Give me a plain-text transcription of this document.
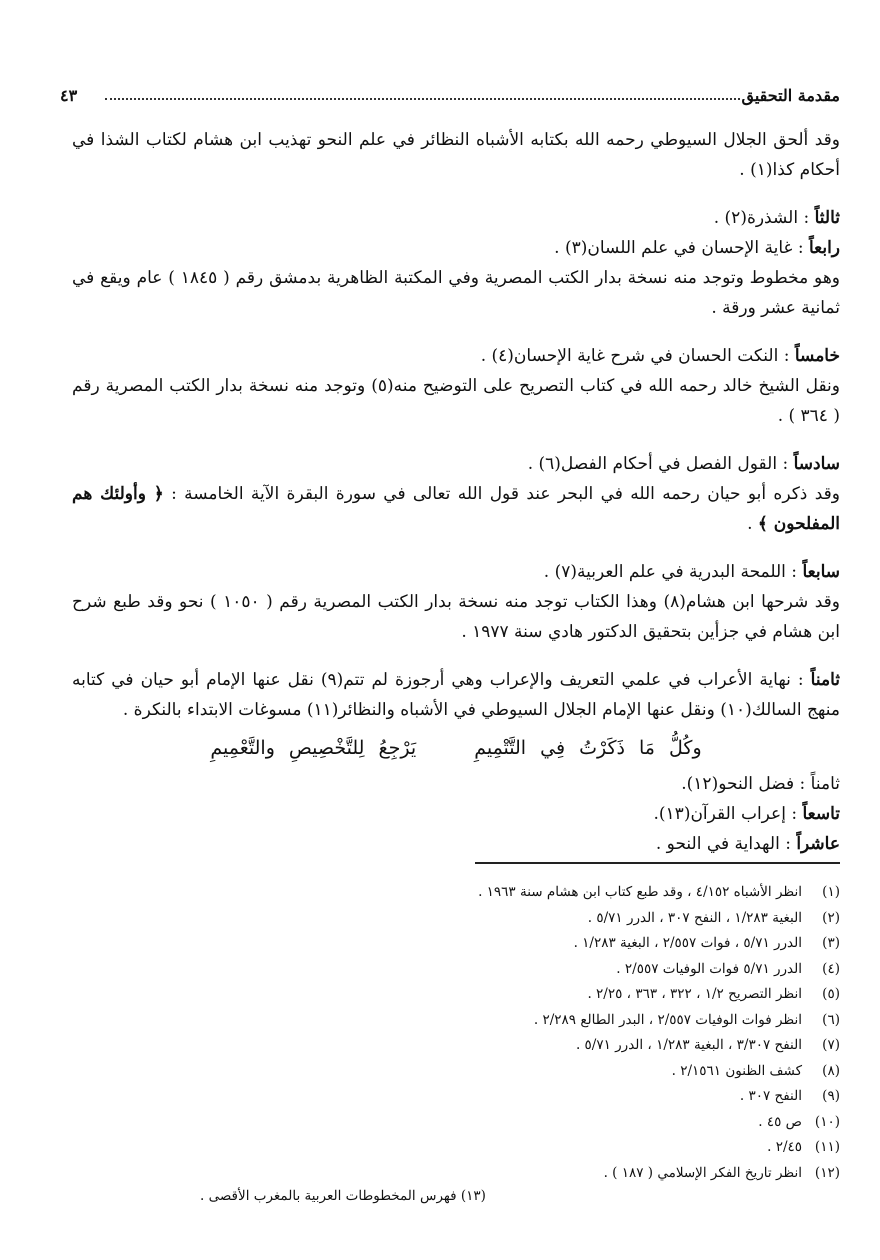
مقدمة التحقيق
٤٣

وقد ألحق الجلال السيوطي رحمه الله بكتابه الأشباه النظائر في علم النحو تهذيب ابن هشام لكتاب الشذا في أحكام كذا(١) .

ثالثاً : الشذرة(٢) .

رابعاً : غاية الإحسان في علم اللسان(٣) .

وهو مخطوط وتوجد منه نسخة بدار الكتب المصرية وفي المكتبة الظاهرية بدمشق رقم ( ١٨٤٥ ) عام ويقع في ثمانية عشر ورقة .

خامساً : النكت الحسان في شرح غاية الإحسان(٤) .

ونقل الشيخ خالد رحمه الله في كتاب التصريح على التوضيح منه(٥) وتوجد منه نسخة بدار الكتب المصرية رقم ( ٣٦٤ ) .

سادساً : القول الفصل في أحكام الفصل(٦) .

وقد ذكره أبو حيان رحمه الله في البحر عند قول الله تعالى في سورة البقرة الآية الخامسة : ﴿ وأولئك هم المفلحون ﴾ .

سابعاً : اللمحة البدرية في علم العربية(٧) .

وقد شرحها ابن هشام(٨) وهذا الكتاب توجد منه نسخة بدار الكتب المصرية رقم ( ١٠٥٠ ) نحو وقد طبع شرح ابن هشام في جزأين بتحقيق الدكتور هادي سنة ١٩٧٧ .

ثامناً : نهاية الأعراب في علمي التعريف والإعراب وهي أرجوزة لم تتم(٩) نقل عنها الإمام أبو حيان في كتابه منهج السالك(١٠) ونقل عنها الإمام الجلال السيوطي في الأشباه والنظائر(١١) مسوغات الابتداء بالنكرة .

وكُلُّ مَا ذَكَرْتُ فِي التَّتْمِيمِ يَرْجِعُ لِلتَّخْصِيصِ والتَّعْمِيمِ

ثامناً : فضل النحو(١٢).

تاسعاً : إعراب القرآن(١٣).

عاشراً : الهداية في النحو .

(١)انظر الأشباه ٤/١٥٢ ، وقد طبع كتاب ابن هشام سنة ١٩٦٣ .

(٢)البغية ١/٢٨٣ ، النفح ٣٠٧ ، الدرر ٥/٧١ .

(٣)الدرر ٥/٧١ ، فوات ٢/٥٥٧ ، البغية ١/٢٨٣ .

(٤)الدرر ٥/٧١ فوات الوفيات ٢/٥٥٧ .

(٥)انظر التصريح ١/٢ ، ٣٢٢ ، ٣٦٣ ، ٢/٢٥ .

(٦)انظر فوات الوفيات ٢/٥٥٧ ، البدر الطالع ٢/٢٨٩ .

(٧)النفح ٣/٣٠٧ ، البغية ١/٢٨٣ ، الدرر ٥/٧١ .

(٨)كشف الظنون ٢/١٥٦١ .

(٩)النفح ٣٠٧ .

(١٠)ص ٤٥ .

(١١)٢/٤٥ .

(١٢)انظر تاريخ الفكر الإسلامي ( ١٨٧ ) .

(١٣) فهرس المخطوطات العربية بالمغرب الأقصى .
